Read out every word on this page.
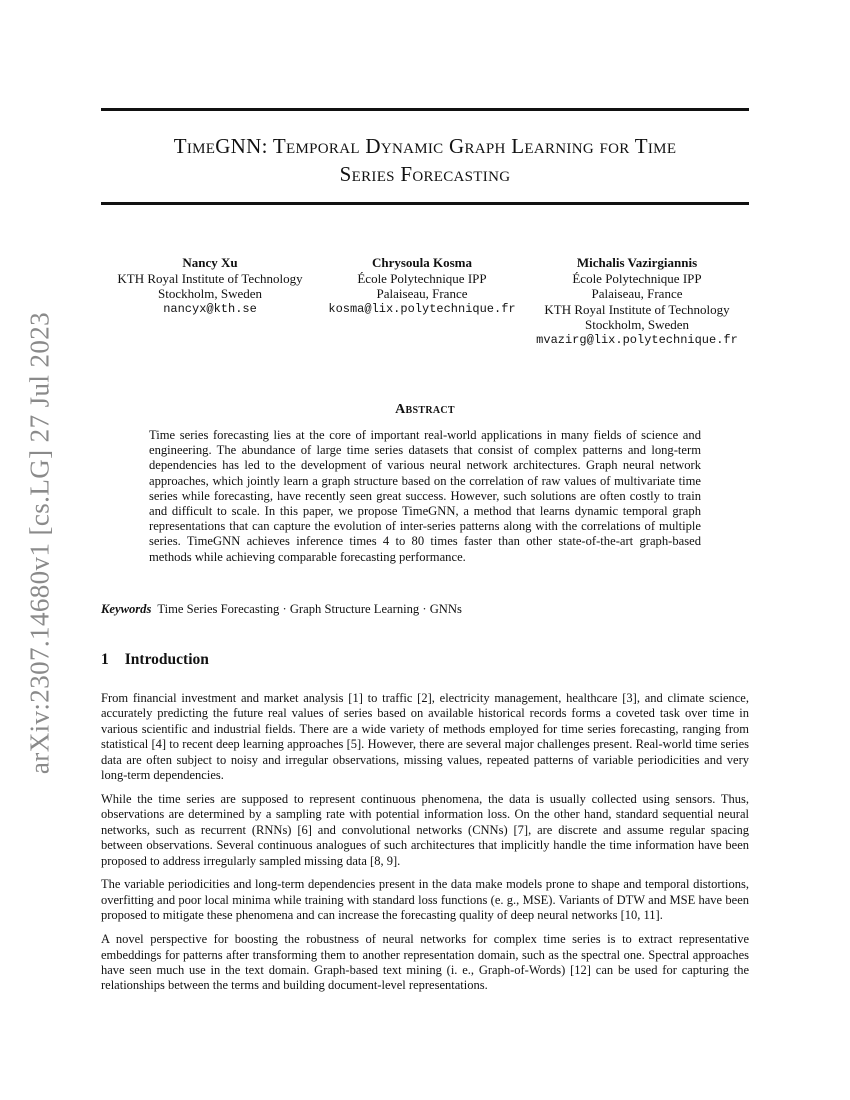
arXiv:2307.14680v1 [cs.LG] 27 Jul 2023
TimeGNN: Temporal Dynamic Graph Learning for Time
Series Forecasting
Nancy Xu
KTH Royal Institute of Technology
Stockholm, Sweden
nancyx@kth.se
Chrysoula Kosma
École Polytechnique IPP
Palaiseau, France
kosma@lix.polytechnique.fr
Michalis Vazirgiannis
École Polytechnique IPP
Palaiseau, France
KTH Royal Institute of Technology
Stockholm, Sweden
mvazirg@lix.polytechnique.fr
Abstract
Time series forecasting lies at the core of important real-world applications in many fields of science and engineering. The abundance of large time series datasets that consist of complex patterns and long-term dependencies has led to the development of various neural network architectures. Graph neural network approaches, which jointly learn a graph structure based on the correlation of raw values of multivariate time series while forecasting, have recently seen great success. However, such solutions are often costly to train and difficult to scale. In this paper, we propose TimeGNN, a method that learns dynamic temporal graph representations that can capture the evolution of inter-series patterns along with the correlations of multiple series. TimeGNN achieves inference times 4 to 80 times faster than other state-of-the-art graph-based methods while achieving comparable forecasting performance.
Keywords Time Series Forecasting · Graph Structure Learning · GNNs
1 Introduction

From financial investment and market analysis [1] to traffic [2], electricity management, healthcare [3], and climate science, accurately predicting the future real values of series based on available historical records forms a coveted task over time in various scientific and industrial fields. There are a wide variety of methods employed for time series forecasting, ranging from statistical [4] to recent deep learning approaches [5]. However, there are several major challenges present. Real-world time series data are often subject to noisy and irregular observations, missing values, repeated patterns of variable periodicities and very long-term dependencies.

While the time series are supposed to represent continuous phenomena, the data is usually collected using sensors. Thus, observations are determined by a sampling rate with potential information loss. On the other hand, standard sequential neural networks, such as recurrent (RNNs) [6] and convolutional networks (CNNs) [7], are discrete and assume regular spacing between observations. Several continuous analogues of such architectures that implicitly handle the time information have been proposed to address irregularly sampled missing data [8, 9].

The variable periodicities and long-term dependencies present in the data make models prone to shape and temporal distortions, overfitting and poor local minima while training with standard loss functions (e. g., MSE). Variants of DTW and MSE have been proposed to mitigate these phenomena and can increase the forecasting quality of deep neural networks [10, 11].

A novel perspective for boosting the robustness of neural networks for complex time series is to extract representative embeddings for patterns after transforming them to another representation domain, such as the spectral one. Spectral approaches have seen much use in the text domain. Graph-based text mining (i. e., Graph-of-Words) [12] can be used for capturing the relationships between the terms and building document-level representations.
